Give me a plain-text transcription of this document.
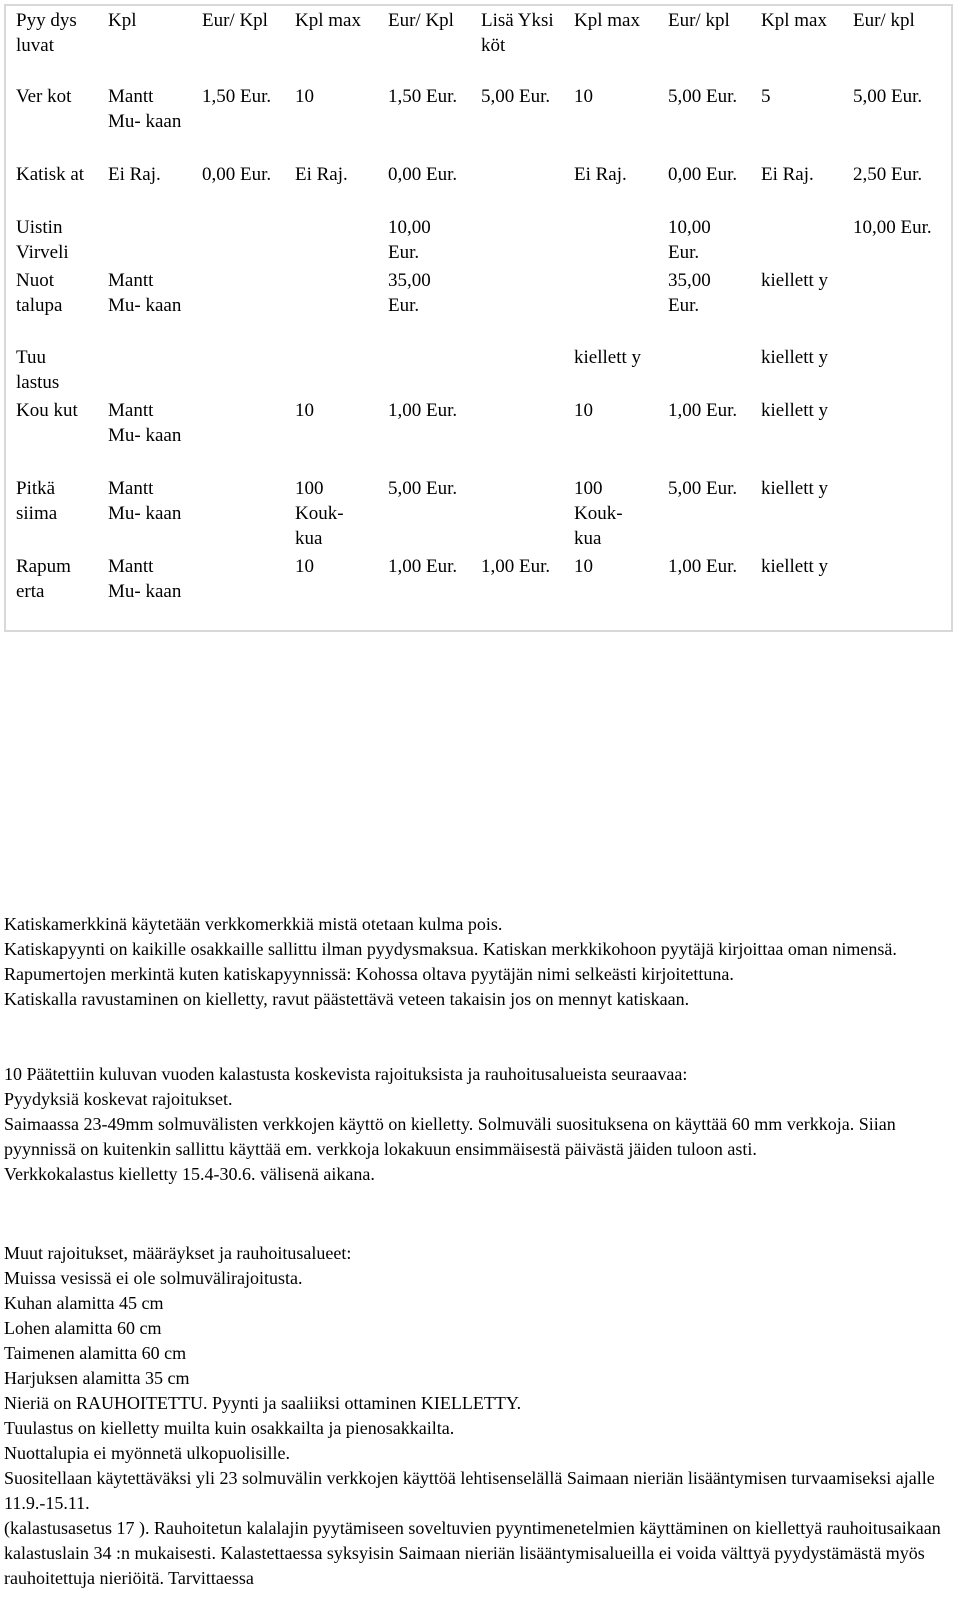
Pyy dys luvat	Kpl	Eur/ Kpl	Kpl max	Eur/ Kpl	Lisä Yksi köt	Kpl max	Eur/ kpl	Kpl max	Eur/ kpl
Ver kot	Mantt Mu- kaan	1,50 Eur.	10	1,50 Eur.	5,00 Eur.	10	5,00 Eur.	5	5,00 Eur.
Katisk at	Ei Raj.	0,00 Eur.	Ei Raj.	0,00 Eur.		Ei Raj.	0,00 Eur.	Ei Raj.	2,50 Eur.
Uistin Virveli				10,00 Eur.			10,00 Eur.		10,00 Eur.
Nuot talupa	Mantt Mu- kaan			35,00 Eur.			35,00 Eur.	kiellett y	
Tuu lastus						kiellett y		kiellett y	
Kou kut	Mantt Mu- kaan		10	1,00 Eur.		10	1,00 Eur.	kiellett y	
Pitkä siima	Mantt Mu- kaan		100 Kouk- kua	5,00 Eur.		100 Kouk- kua	5,00 Eur.	kiellett y	
Rapum erta	Mantt Mu- kaan		10	1,00 Eur.	1,00 Eur.	10	1,00 Eur.	kiellett y	

Katiskamerkkinä käytetään verkkomerkkiä mistä otetaan kulma pois.

Katiskapyynti on kaikille osakkaille sallittu ilman pyydysmaksua. Katiskan merkkikohoon pyytäjä kirjoittaa oman nimensä.

Rapumertojen merkintä kuten katiskapyynnissä: Kohossa oltava pyytäjän nimi selkeästi kirjoitettuna.

Katiskalla ravustaminen on kielletty, ravut päästettävä veteen takaisin jos on mennyt katiskaan.

10 Päätettiin kuluvan vuoden kalastusta koskevista rajoituksista ja rauhoitusalueista seuraavaa:

Pyydyksiä koskevat rajoitukset.

Saimaassa 23-49mm solmuvälisten verkkojen käyttö on kielletty. Solmuväli suosituksena on käyttää 60 mm verkkoja. Siian pyynnissä on kuitenkin sallittu käyttää em. verkkoja lokakuun ensimmäisestä päivästä jäiden tuloon asti.

Verkkokalastus kielletty 15.4-30.6. välisenä aikana.

Muut rajoitukset, määräykset ja rauhoitusalueet:

Muissa vesissä ei ole solmuvälirajoitusta.

Kuhan alamitta 45 cm

Lohen alamitta 60 cm

Taimenen alamitta 60 cm

Harjuksen alamitta 35 cm

Nieriä on RAUHOITETTU. Pyynti ja saaliiksi ottaminen KIELLETTY.

Tuulastus on kielletty muilta kuin osakkailta ja pienosakkailta.

Nuottalupia ei myönnetä ulkopuolisille.

Suositellaan käytettäväksi yli 23 solmuvälin verkkojen käyttöä lehtisenselällä Saimaan nieriän lisääntymisen turvaamiseksi ajalle 11.9.-15.11.

(kalastusasetus 17 ). Rauhoitetun kalalajin pyytämiseen soveltuvien pyyntimenetelmien käyttäminen on kiellettyä rauhoitusaikaan kalastuslain 34 :n mukaisesti. Kalastettaessa syksyisin Saimaan nieriän lisääntymisalueilla ei voida välttyä pyydystämästä myös rauhoitettuja nieriöitä. Tarvittaessa
